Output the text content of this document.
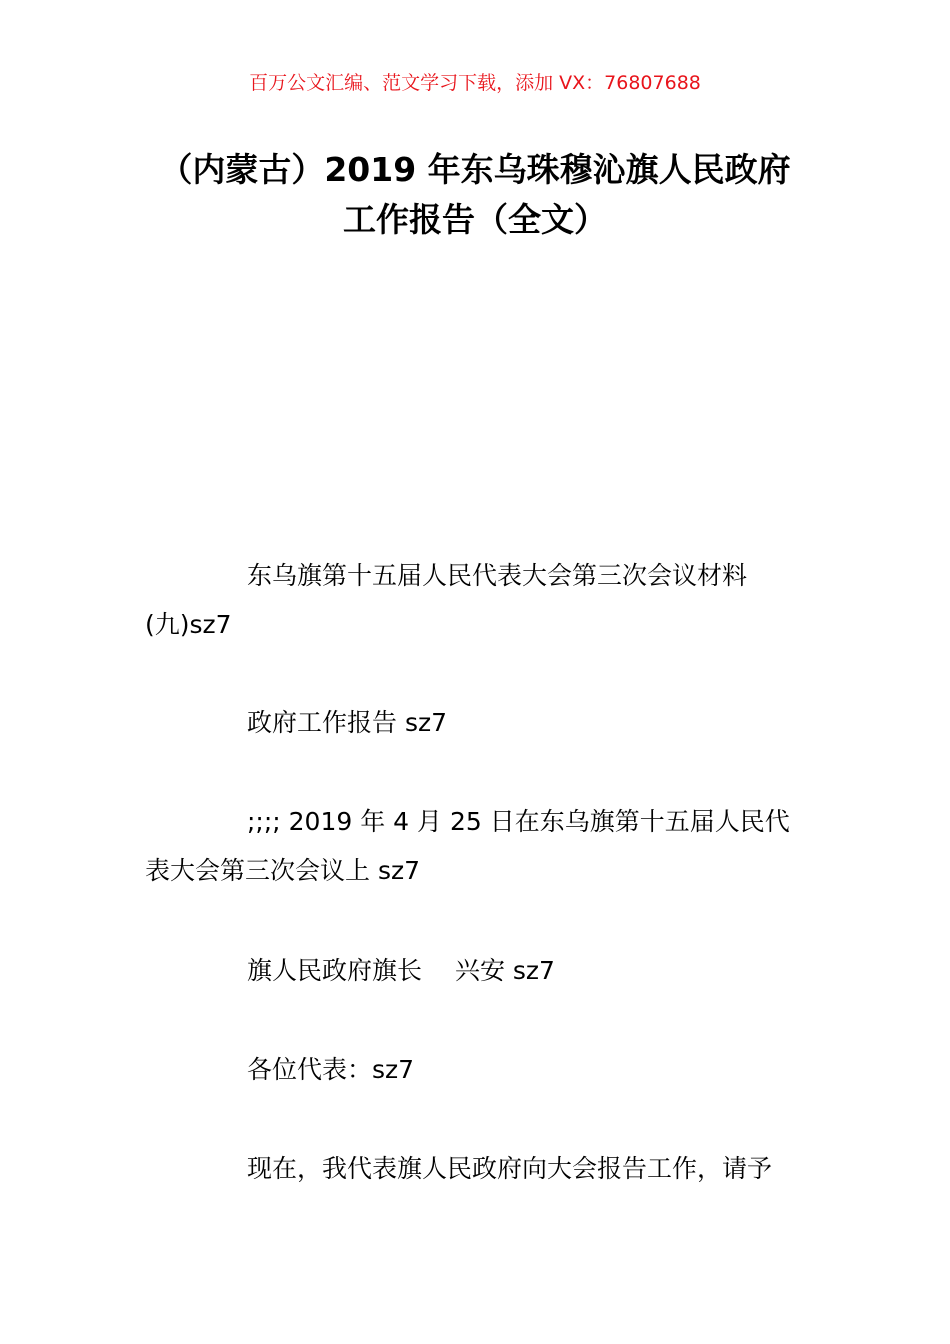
百万公文汇编、范文学习下载，添加 VX：76807688
（内蒙古）2019 年东乌珠穆沁旗人民政府
工作报告（全文）
东乌旗第十五届人民代表大会第三次会议材料
(九)sz7
政府工作报告 sz7
;;;; 2019 年 4 月 25 日在东乌旗第十五届人民代
表大会第三次会议上 sz7
旗人民政府旗长　 兴安 sz7
各位代表：sz7
现在，我代表旗人民政府向大会报告工作，请予
